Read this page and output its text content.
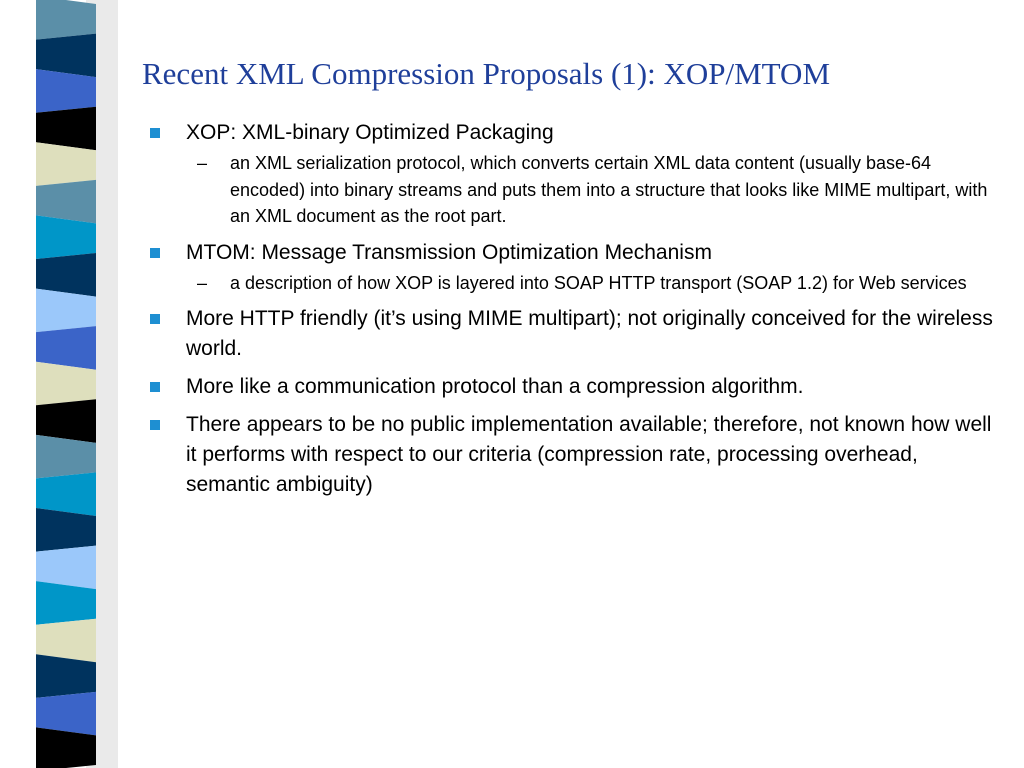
Recent XML Compression Proposals (1): XOP/MTOM
XOP: XML-binary Optimized Packaging
– an XML serialization protocol, which converts certain XML data content (usually base-64 encoded) into binary streams and puts them into a structure that looks like MIME multipart, with an XML document as the root part.
MTOM: Message Transmission Optimization Mechanism
– a description of how XOP is layered into SOAP HTTP transport (SOAP 1.2) for Web services
More HTTP friendly (it’s using MIME multipart); not originally conceived for the wireless world.
More like a communication protocol than a compression algorithm.
There appears to be no public implementation available; therefore, not known how well it performs with respect to our criteria (compression rate, processing overhead, semantic ambiguity)
